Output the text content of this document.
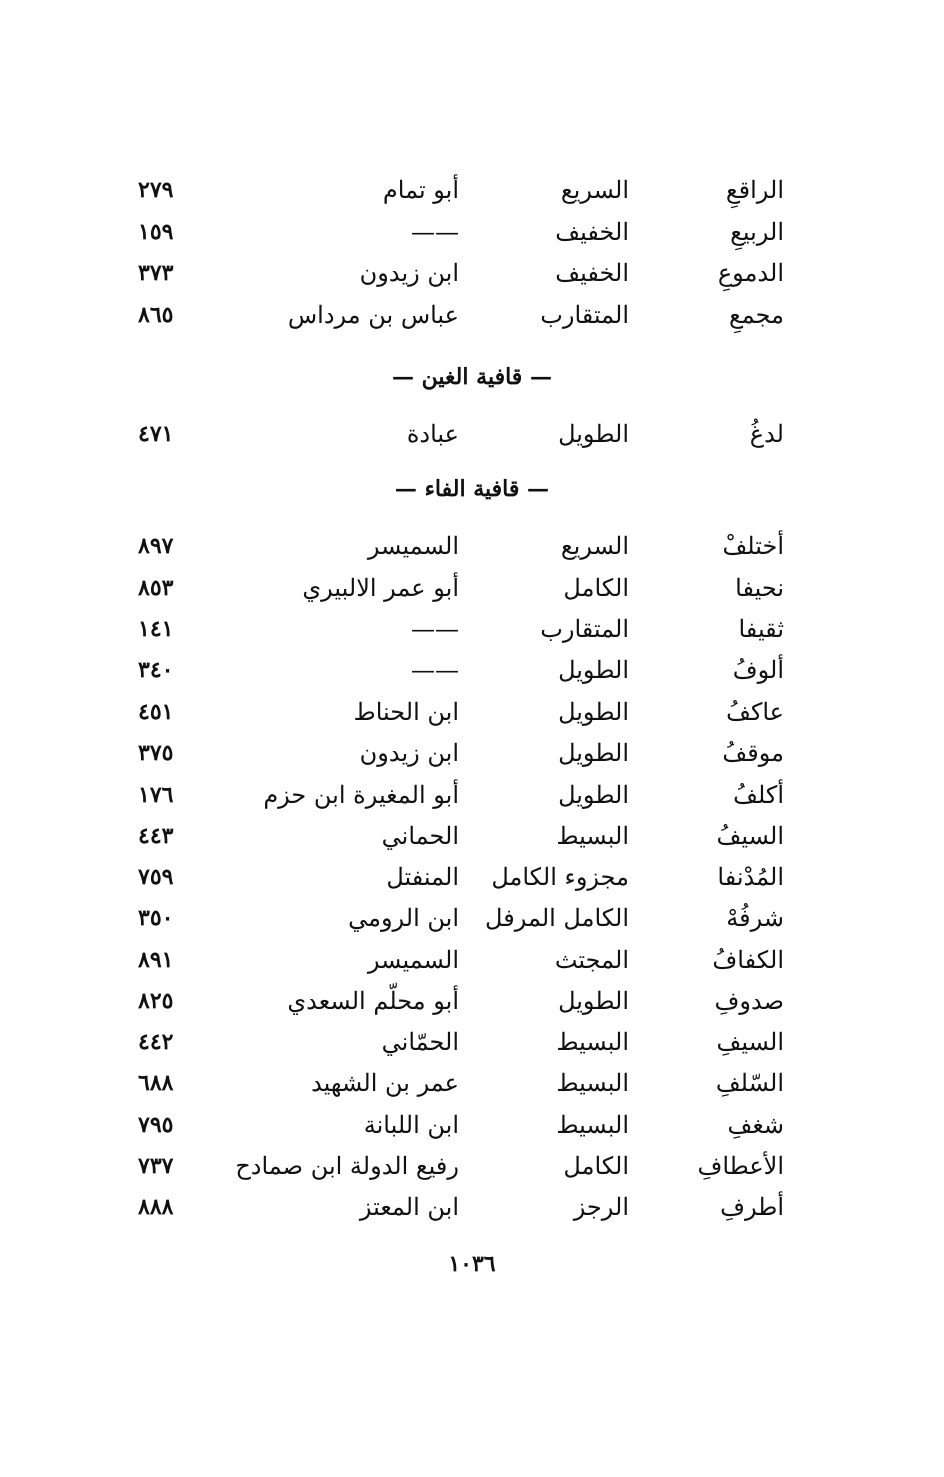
الراقعِ
السريع
أبو تمام
٢٧٩
الربيعِ
الخفيف
——
١٥٩
الدموعِ
الخفيف
ابن زيدون
٣٧٣
مجمعِ
المتقارب
عباس بن مرداس
٨٦٥
— قافية الغين —
لدغُ
الطويل
عبادة
٤٧١
— قافية الفاء —
أختلفْ
السريع
السميسر
٨٩٧
نحيفا
الكامل
أبو عمر الالبيري
٨٥٣
ثقيفا
المتقارب
——
١٤١
ألوفُ
الطويل
——
٣٤٠
عاكفُ
الطويل
ابن الحناط
٤٥١
موقفُ
الطويل
ابن زيدون
٣٧٥
أكلفُ
الطويل
أبو المغيرة ابن حزم
١٧٦
السيفُ
البسيط
الحماني
٤٤٣
المُدْنفا
مجزوء الكامل
المنفتل
٧٥٩
شرفُهْ
الكامل المرفل
ابن الرومي
٣٥٠
الكفافُ
المجتث
السميسر
٨٩١
صدوفِ
الطويل
أبو محلّم السعدي
٨٢٥
السيفِ
البسيط
الحمّاني
٤٤٢
السّلفِ
البسيط
عمر بن الشهيد
٦٨٨
شغفِ
البسيط
ابن اللبانة
٧٩٥
الأعطافِ
الكامل
رفيع الدولة ابن صمادح
٧٣٧
أطرفِ
الرجز
ابن المعتز
٨٨٨
١٠٣٦
